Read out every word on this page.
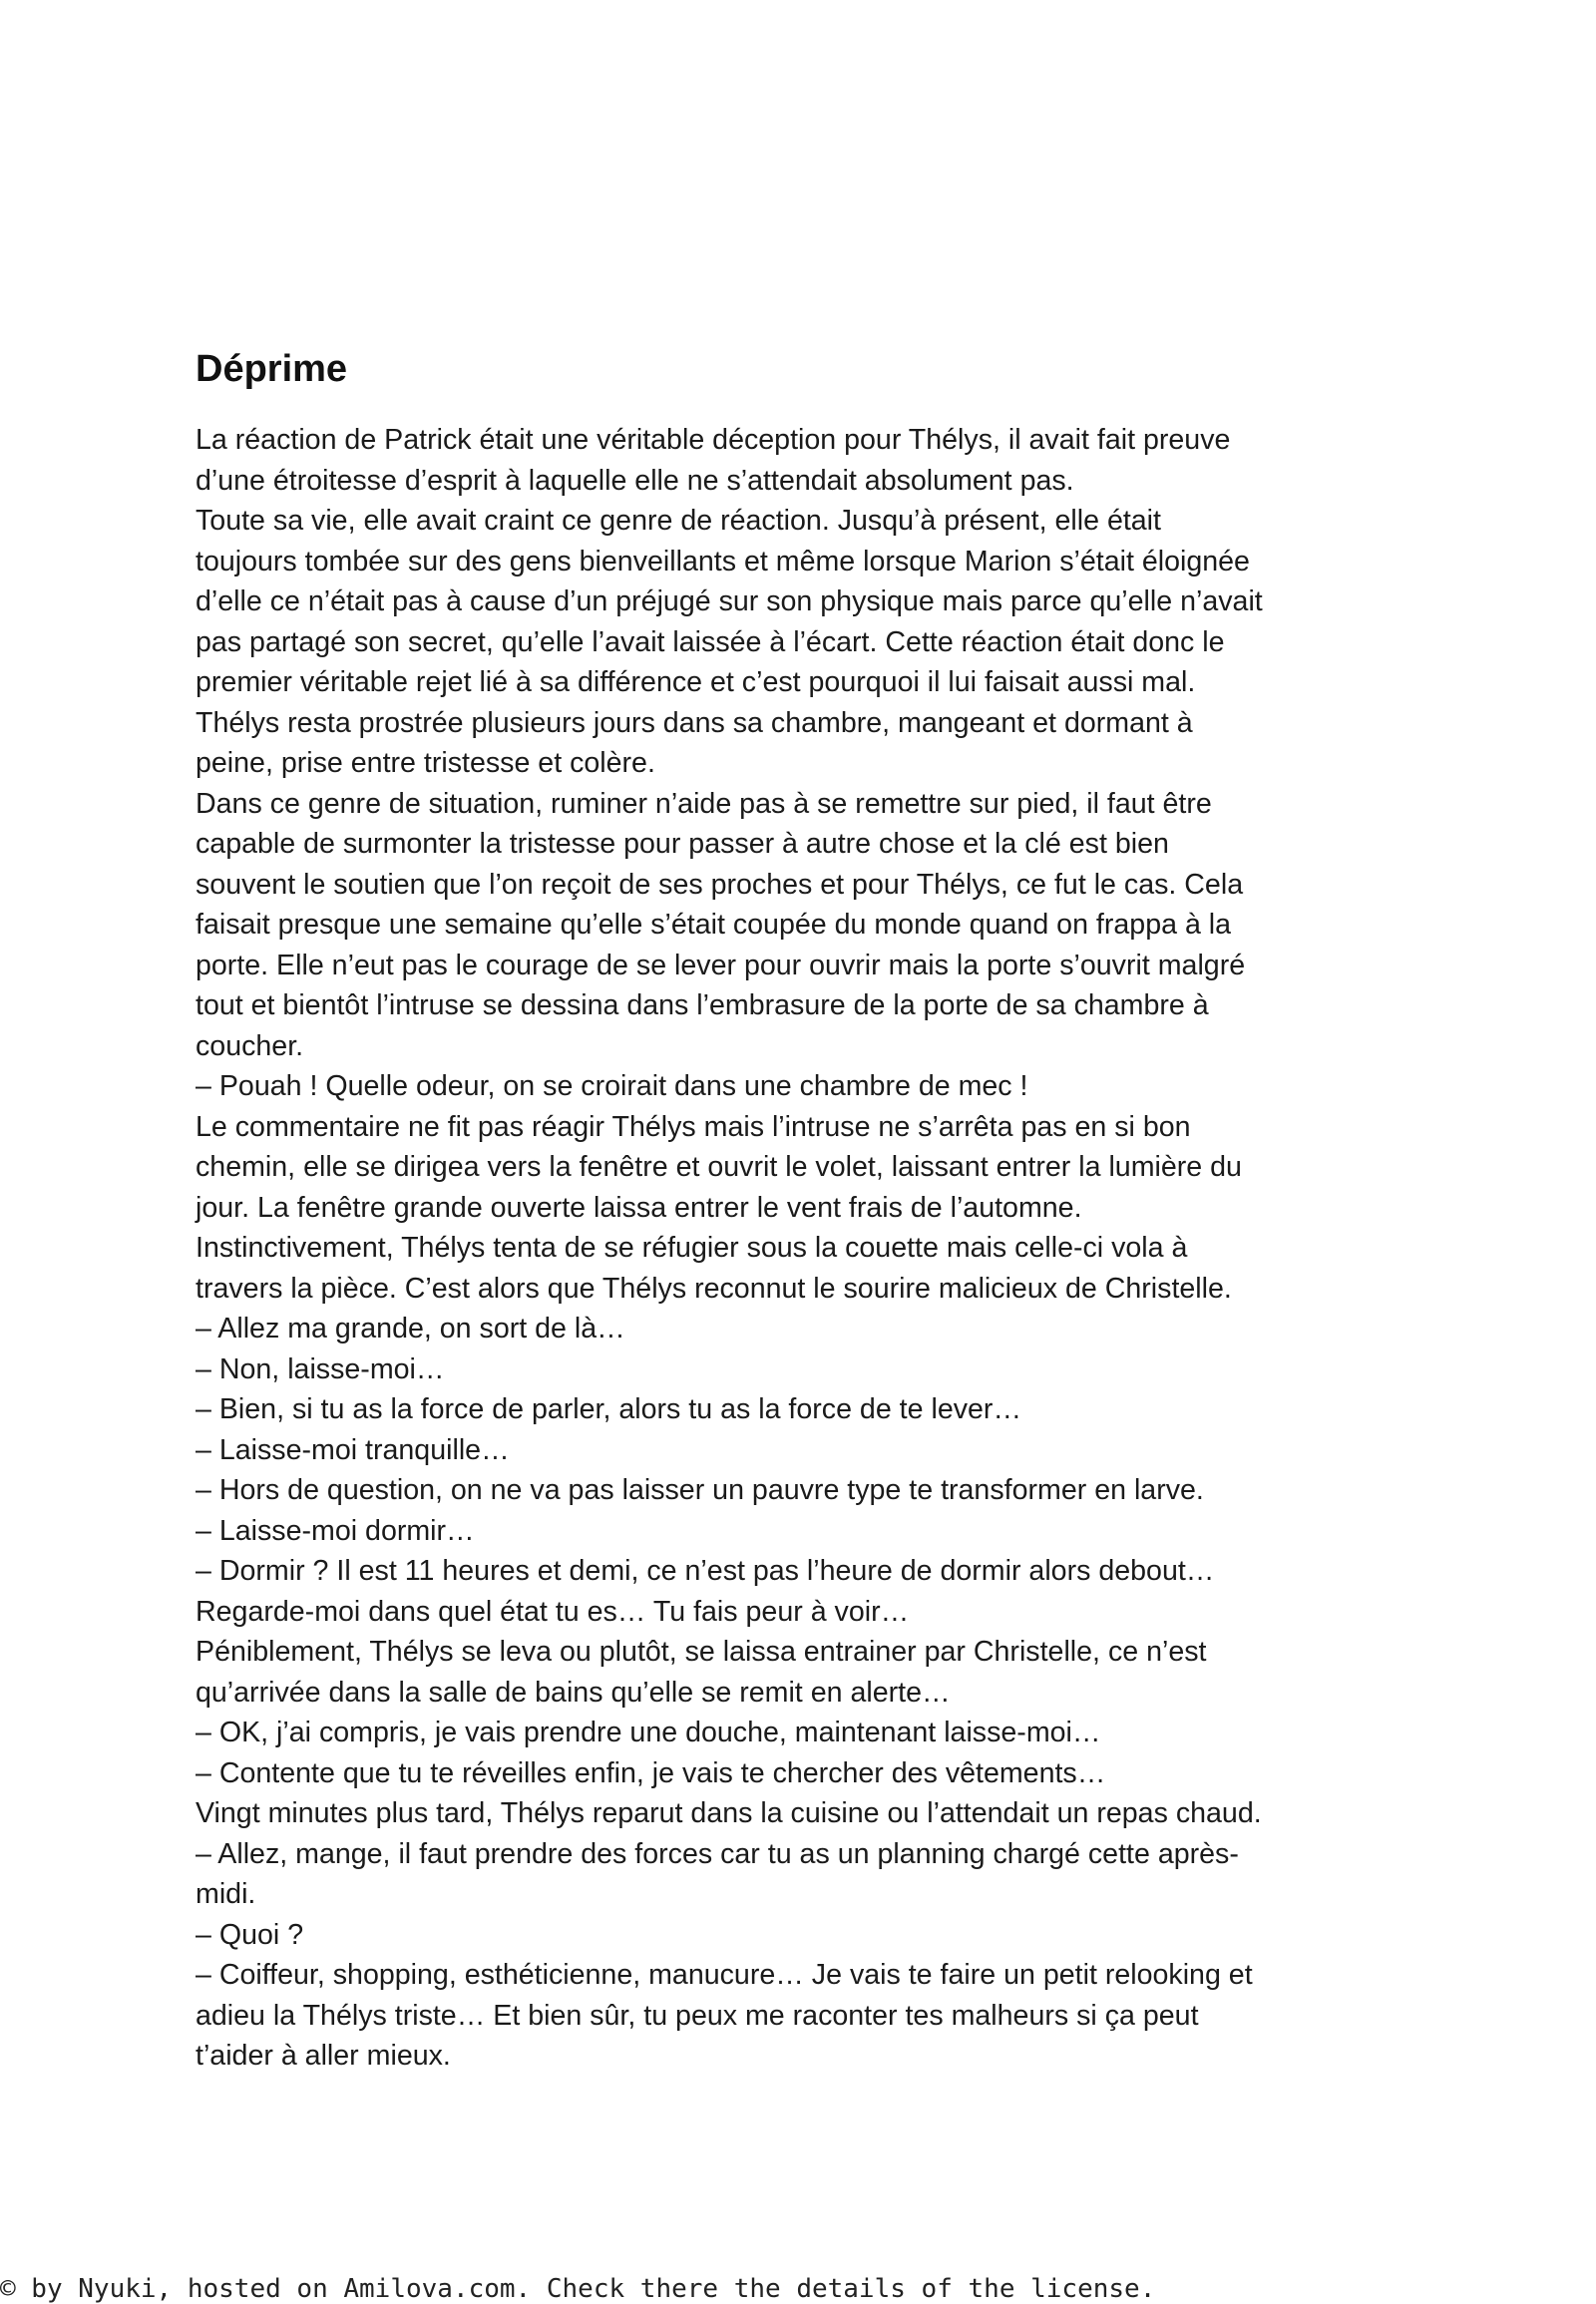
Déprime

La réaction de Patrick était une véritable déception pour Thélys, il avait fait preuve

d’une étroitesse d’esprit à laquelle elle ne s’attendait absolument pas.

Toute sa vie, elle avait craint ce genre de réaction. Jusqu’à présent, elle était

toujours tombée sur des gens bienveillants et même lorsque Marion s’était éloignée

d’elle ce n’était pas à cause d’un préjugé sur son physique mais parce qu’elle n’avait

pas partagé son secret, qu’elle l’avait laissée à l’écart. Cette réaction était donc le

premier véritable rejet lié à sa différence et c’est pourquoi il lui faisait aussi mal.

Thélys resta prostrée plusieurs jours dans sa chambre, mangeant et dormant à

peine, prise entre tristesse et colère.

Dans ce genre de situation, ruminer n’aide pas à se remettre sur pied, il faut être

capable de surmonter la tristesse pour passer à autre chose et la clé est bien

souvent le soutien que l’on reçoit de ses proches et pour Thélys, ce fut le cas. Cela

faisait presque une semaine qu’elle s’était coupée du monde quand on frappa à la

porte. Elle n’eut pas le courage de se lever pour ouvrir mais la porte s’ouvrit malgré

tout et bientôt l’intruse se dessina dans l’embrasure de la porte de sa chambre à

coucher.

– Pouah ! Quelle odeur, on se croirait dans une chambre de mec !

Le commentaire ne fit pas réagir Thélys mais l’intruse ne s’arrêta pas en si bon

chemin, elle se dirigea vers la fenêtre et ouvrit le volet, laissant entrer la lumière du

jour. La fenêtre grande ouverte laissa entrer le vent frais de l’automne.

Instinctivement, Thélys tenta de se réfugier sous la couette mais celle-ci vola à

travers la pièce. C’est alors que Thélys reconnut le sourire malicieux de Christelle.

– Allez ma grande, on sort de là…

– Non, laisse-moi…

– Bien, si tu as la force de parler, alors tu as la force de te lever…

– Laisse-moi tranquille…

– Hors de question, on ne va pas laisser un pauvre type te transformer en larve.

– Laisse-moi dormir…

– Dormir ? Il est 11 heures et demi, ce n’est pas l’heure de dormir alors debout…

Regarde-moi dans quel état tu es… Tu fais peur à voir…

Péniblement, Thélys se leva ou plutôt, se laissa entrainer par Christelle, ce n’est

qu’arrivée dans la salle de bains qu’elle se remit en alerte…

– OK, j’ai compris, je vais prendre une douche, maintenant laisse-moi…

– Contente que tu te réveilles enfin, je vais te chercher des vêtements…

Vingt minutes plus tard, Thélys reparut dans la cuisine ou l’attendait un repas chaud.

– Allez, mange, il faut prendre des forces car tu as un planning chargé cette après-

midi.

– Quoi ?

– Coiffeur, shopping, esthéticienne, manucure… Je vais te faire un petit relooking et

adieu la Thélys triste… Et bien sûr, tu peux me raconter tes malheurs si ça peut

t’aider à aller mieux.

© by Nyuki, hosted on Amilova.com. Check there the details of the license.
